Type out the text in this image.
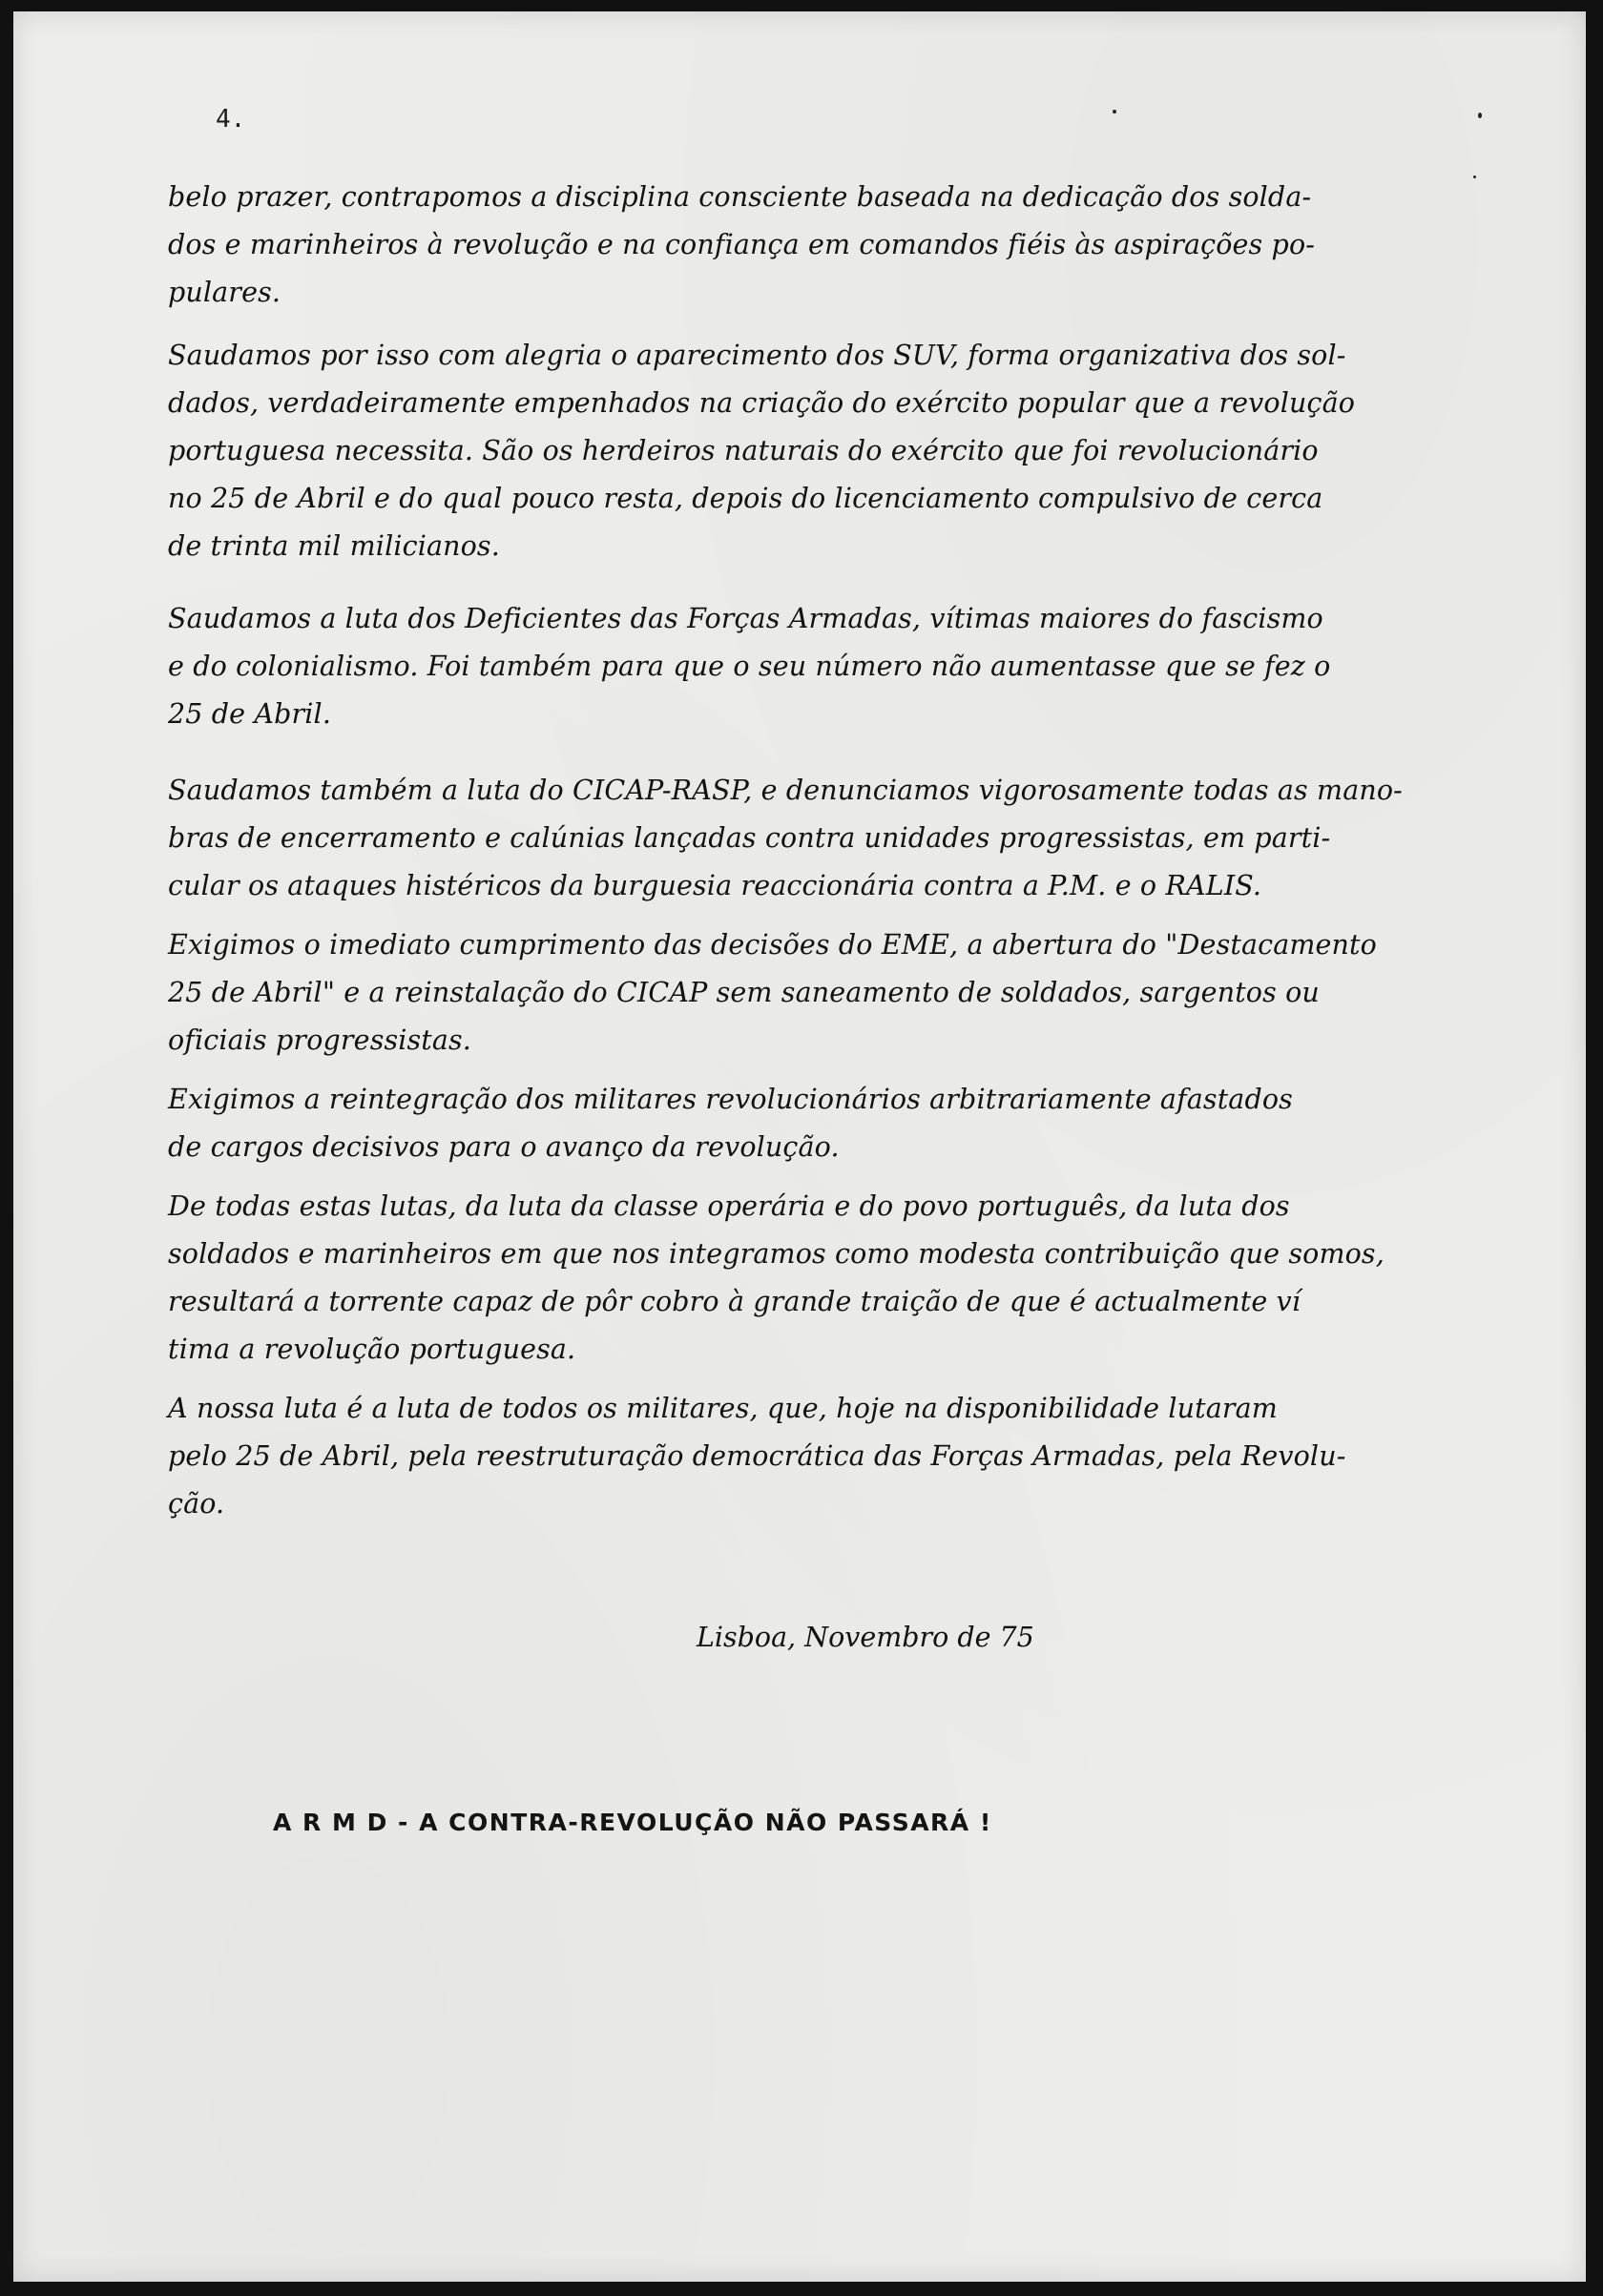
4.

belo prazer, contrapomos a disciplina consciente baseada na dedicação dos solda-
dos e marinheiros à revolução e na confiança em comandos fiéis às aspirações po-
pulares.

Saudamos por isso com alegria o aparecimento dos SUV, forma organizativa dos sol-
dados, verdadeiramente empenhados na criação do exército popular que a revolução
portuguesa necessita. São os herdeiros naturais do exército que foi revolucionário
no 25 de Abril e do qual pouco resta, depois do licenciamento compulsivo de cerca
de trinta mil milicianos.

Saudamos a luta dos Deficientes das Forças Armadas, vítimas maiores do fascismo
e do colonialismo. Foi também para que o seu número não aumentasse que se fez o
25 de Abril.

Saudamos também a luta do CICAP-RASP, e denunciamos vigorosamente todas as mano-
bras de encerramento e calúnias lançadas contra unidades progressistas, em parti-
cular os ataques histéricos da burguesia reaccionária contra a P.M. e o RALIS.

Exigimos o imediato cumprimento das decisões do EME, a abertura do "Destacamento
25 de Abril" e a reinstalação do CICAP sem saneamento de soldados, sargentos ou
oficiais progressistas.

Exigimos a reintegração dos militares revolucionários arbitrariamente afastados
de cargos decisivos para o avanço da revolução.

De todas estas lutas, da luta da classe operária e do povo português, da luta dos
soldados e marinheiros em que nos integramos como modesta contribuição que somos,
resultará a torrente capaz de pôr cobro à grande traição de que é actualmente ví
tima a revolução portuguesa.

A nossa luta é a luta de todos os militares, que, hoje na disponibilidade lutaram
pelo 25 de Abril, pela reestruturação democrática das Forças Armadas, pela Revolu-
ção.

Lisboa, Novembro de 75
A R M D - A CONTRA-REVOLUÇÃO NÃO PASSARÁ !
